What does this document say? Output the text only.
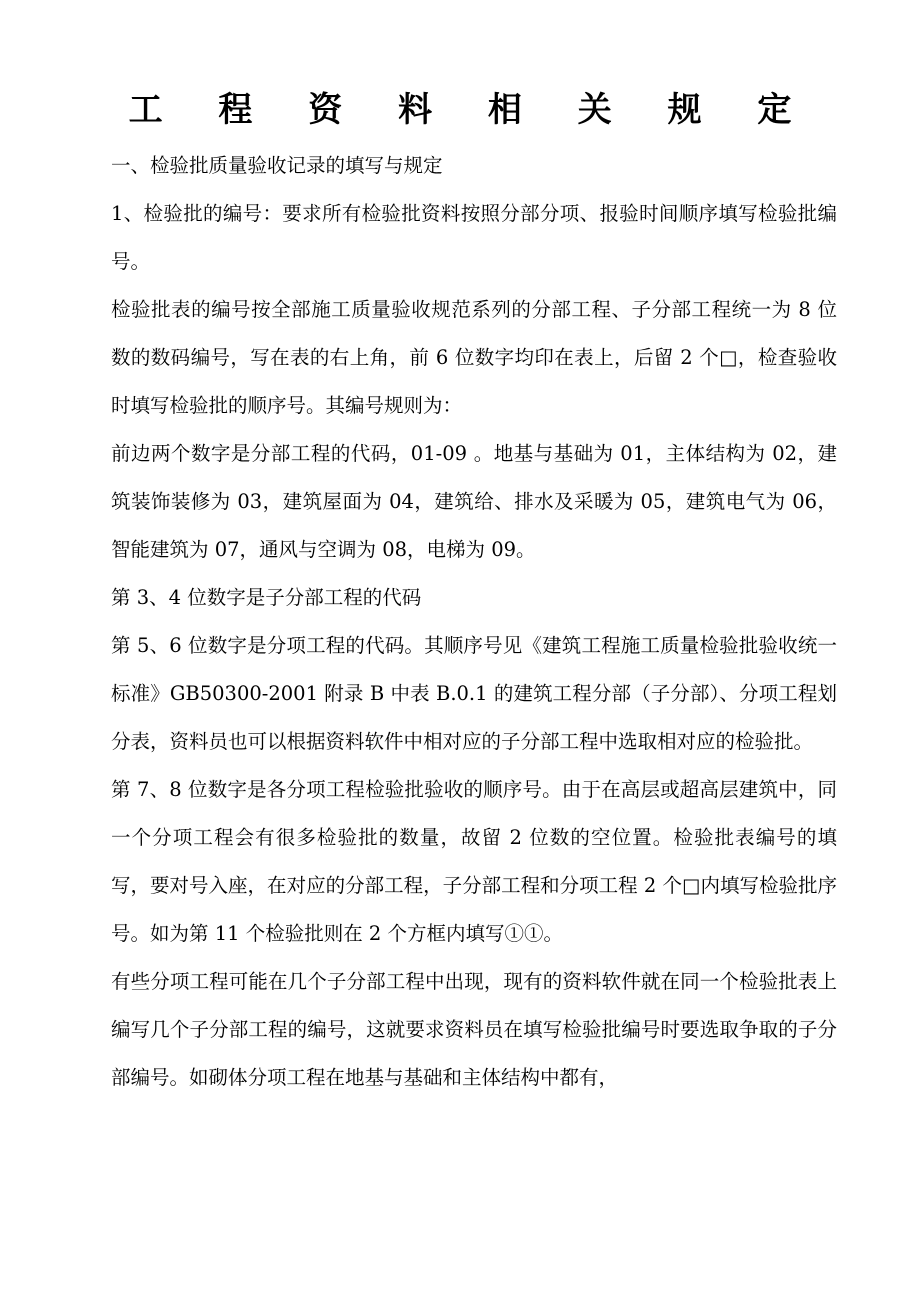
工 程 资 料 相 关 规 定

一、检验批质量验收记录的填写与规定

1、检验批的编号：要求所有检验批资料按照分部分项、报验时间顺序填写检验批编号。

检验批表的编号按全部施工质量验收规范系列的分部工程、子分部工程统一为 8 位数的数码编号，写在表的右上角，前 6 位数字均印在表上，后留 2 个□，检查验收时填写检验批的顺序号。其编号规则为：

前边两个数字是分部工程的代码，01-09 。地基与基础为 01，主体结构为 02，建筑装饰装修为 03，建筑屋面为 04，建筑给、排水及采暖为 05，建筑电气为 06，智能建筑为 07，通风与空调为 08，电梯为 09。

第 3、4 位数字是子分部工程的代码

第 5、6 位数字是分项工程的代码。其顺序号见《建筑工程施工质量检验批验收统一标准》GB50300-2001 附录 B 中表 B.0.1 的建筑工程分部（子分部）、分项工程划分表，资料员也可以根据资料软件中相对应的子分部工程中选取相对应的检验批。

第 7、8 位数字是各分项工程检验批验收的顺序号。由于在高层或超高层建筑中，同一个分项工程会有很多检验批的数量，故留 2 位数的空位置。检验批表编号的填写，要对号入座，在对应的分部工程，子分部工程和分项工程 2 个□内填写检验批序号。如为第 11 个检验批则在 2 个方框内填写①①。

有些分项工程可能在几个子分部工程中出现，现有的资料软件就在同一个检验批表上编写几个子分部工程的编号，这就要求资料员在填写检验批编号时要选取争取的子分部编号。如砌体分项工程在地基与基础和主体结构中都有，
